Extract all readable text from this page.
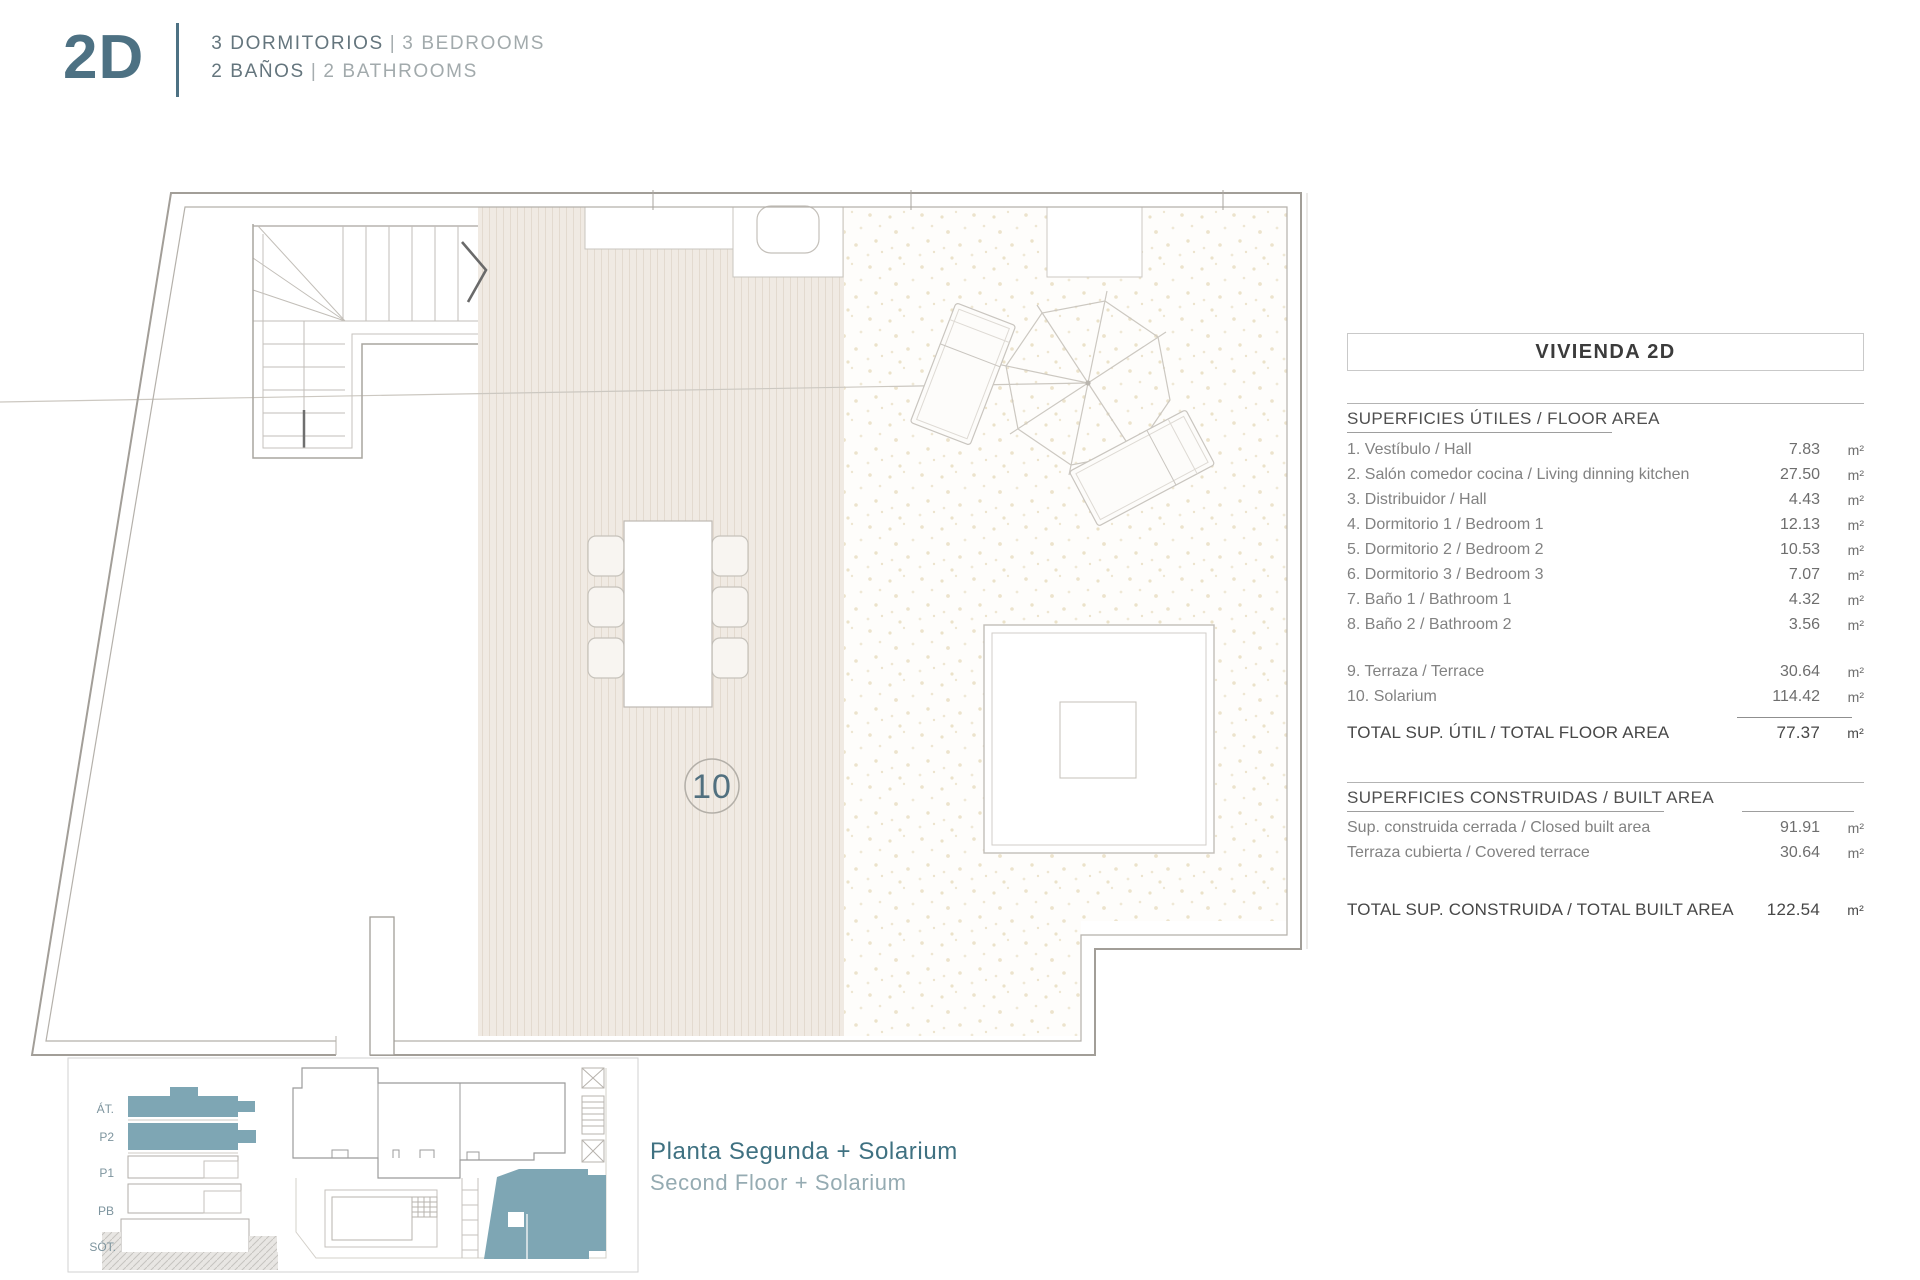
10
ÁT.
P2
P1
PB
SÓT.
2D	3 DORMITORIOS | 3 BEDROOMS
2 BAÑOS | 2 BATHROOMS
VIVIENDA 2D
SUPERFICIES ÚTILES / FLOOR AREA
1. Vestíbulo / Hall	7.83	m²
2. Salón comedor cocina / Living dinning kitchen	27.50	m²
3. Distribuidor / Hall	4.43	m²
4. Dormitorio 1 / Bedroom 1	12.13	m²
5. Dormitorio 2 / Bedroom 2	10.53	m²
6. Dormitorio 3 / Bedroom 3	7.07	m²
7. Baño 1 / Bathroom 1	4.32	m²
8. Baño 2 / Bathroom 2	3.56	m²
9. Terraza / Terrace	30.64	m²
10. Solarium	114.42	m²
TOTAL SUP. ÚTIL / TOTAL FLOOR AREA	77.37	m²
SUPERFICIES CONSTRUIDAS / BUILT AREA
Sup. construida cerrada / Closed built area	91.91	m²
Terraza cubierta / Covered terrace	30.64	m²
TOTAL SUP. CONSTRUIDA / TOTAL BUILT AREA	122.54	m²
Planta Segunda + Solarium
Second Floor + Solarium
